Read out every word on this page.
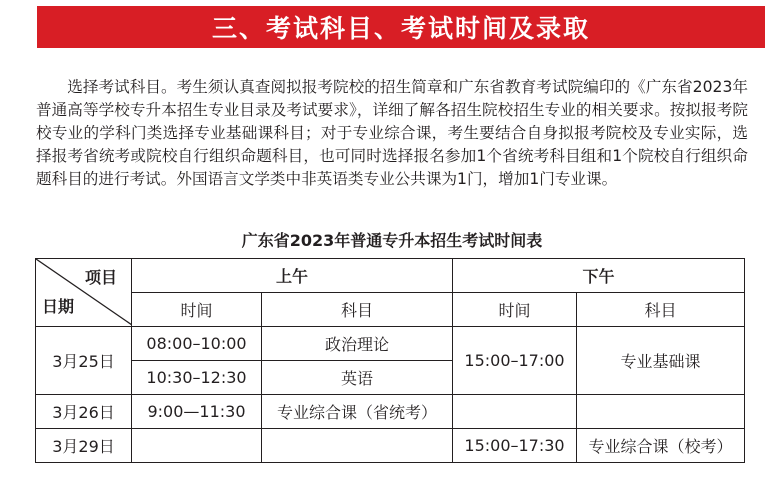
三、考试科目、考试时间及录取

选择考试科目。考生须认真查阅拟报考院校的招生简章和广东省教育考试院编印的《广东省2023年普通高等学校专升本招生专业目录及考试要求》，详细了解各招生院校招生专业的相关要求。按拟报考院校专业的学科门类选择专业基础课科目；对于专业综合课，考生要结合自身拟报考院校及专业实际，选择报考省统考或院校自行组织命题科目，也可同时选择报名参加1个省统考科目组和1个院校自行组织命题科目的进行考试。外国语言文学类中非英语类专业公共课为1门，增加1门专业课。

广东省2023年普通专升本招生考试时间表
项目
日期	上午		下午	
	时间	科目	时间	科目
3月25日	08:00–10:00	政治理论	15:00–17:00	专业基础课
	10:30–12:30	英语		
3月26日	9:00—11:30	专业综合课（省统考）		
3月29日			15:00–17:30	专业综合课（校考）
